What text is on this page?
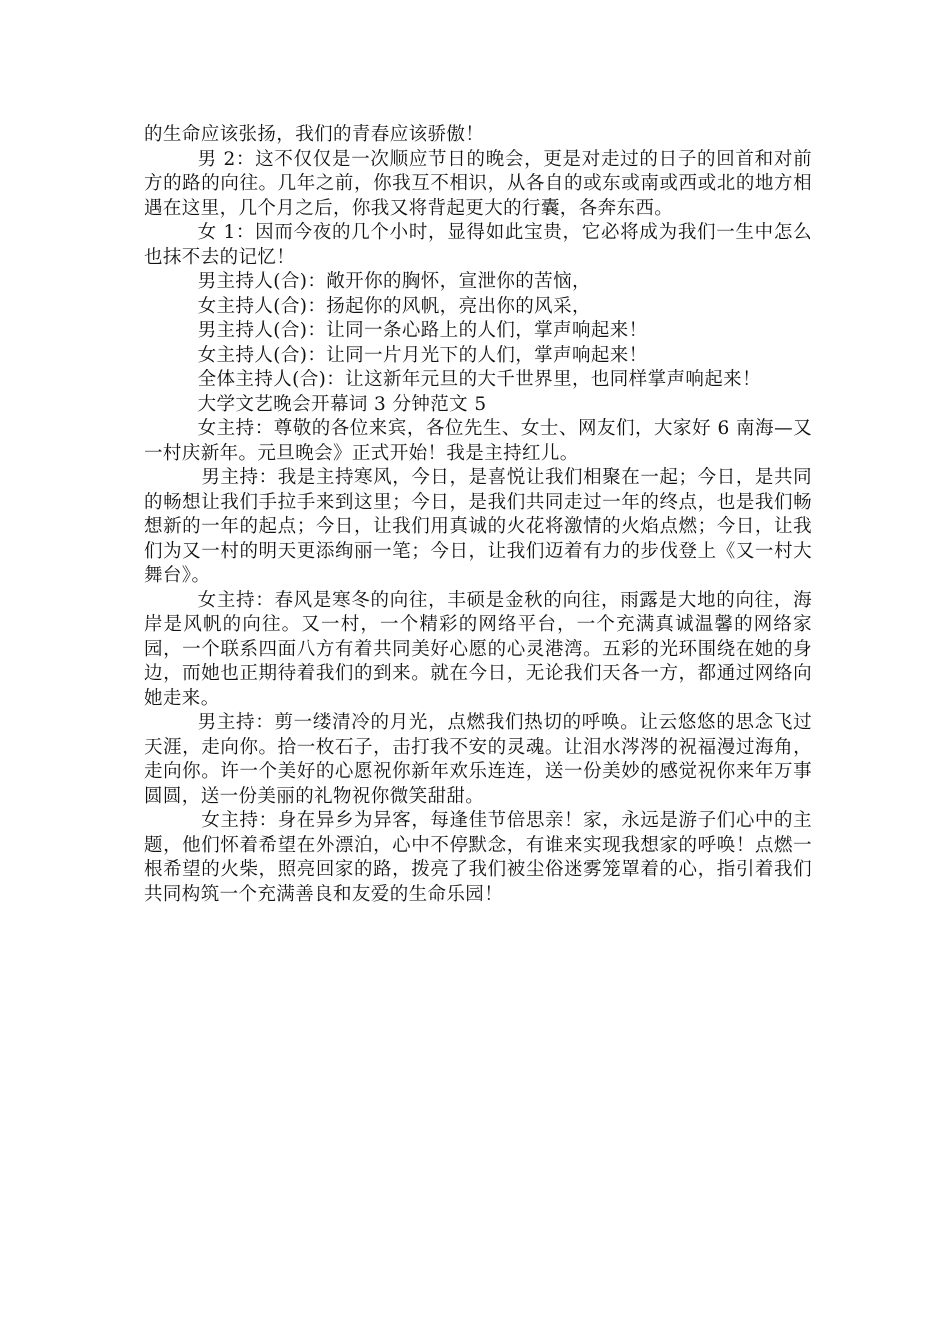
的生命应该张扬，我们的青春应该骄傲！

男 2：这不仅仅是一次顺应节日的晚会，更是对走过的日子的回首和对前方的路的向往。几年之前，你我互不相识，从各自的或东或南或西或北的地方相遇在这里，几个月之后，你我又将背起更大的行囊，各奔东西。

女 1：因而今夜的几个小时，显得如此宝贵，它必将成为我们一生中怎么也抹不去的记忆！

男主持人(合)：敞开你的胸怀，宣泄你的苦恼，

女主持人(合)：扬起你的风帆，亮出你的风采，

男主持人(合)：让同一条心路上的人们，掌声响起来！

女主持人(合)：让同一片月光下的人们，掌声响起来！

全体主持人(合)：让这新年元旦的大千世界里，也同样掌声响起来！

大学文艺晚会开幕词 3 分钟范文 5

女主持：尊敬的各位来宾，各位先生、女士、网友们，大家好 6 南海—又一村庆新年。元旦晚会》正式开始！我是主持红儿。

男主持：我是主持寒风，今日，是喜悦让我们相聚在一起；今日，是共同的畅想让我们手拉手来到这里；今日，是我们共同走过一年的终点，也是我们畅想新的一年的起点；今日，让我们用真诚的火花将激情的火焰点燃；今日，让我们为又一村的明天更添绚丽一笔；今日，让我们迈着有力的步伐登上《又一村大舞台》。

女主持：春风是寒冬的向往，丰硕是金秋的向往，雨露是大地的向往，海岸是风帆的向往。又一村，一个精彩的网络平台，一个充满真诚温馨的网络家园，一个联系四面八方有着共同美好心愿的心灵港湾。五彩的光环围绕在她的身边，而她也正期待着我们的到来。就在今日，无论我们天各一方，都通过网络向她走来。

男主持：剪一缕清冷的月光，点燃我们热切的呼唤。让云悠悠的思念飞过天涯，走向你。拾一枚石子，击打我不安的灵魂。让泪水涔涔的祝福漫过海角，走向你。许一个美好的心愿祝你新年欢乐连连，送一份美妙的感觉祝你来年万事圆圆，送一份美丽的礼物祝你微笑甜甜。

女主持：身在异乡为异客，每逢佳节倍思亲！家，永远是游子们心中的主题，他们怀着希望在外漂泊，心中不停默念，有谁来实现我想家的呼唤！点燃一根希望的火柴，照亮回家的路，拨亮了我们被尘俗迷雾笼罩着的心，指引着我们共同构筑一个充满善良和友爱的生命乐园！
